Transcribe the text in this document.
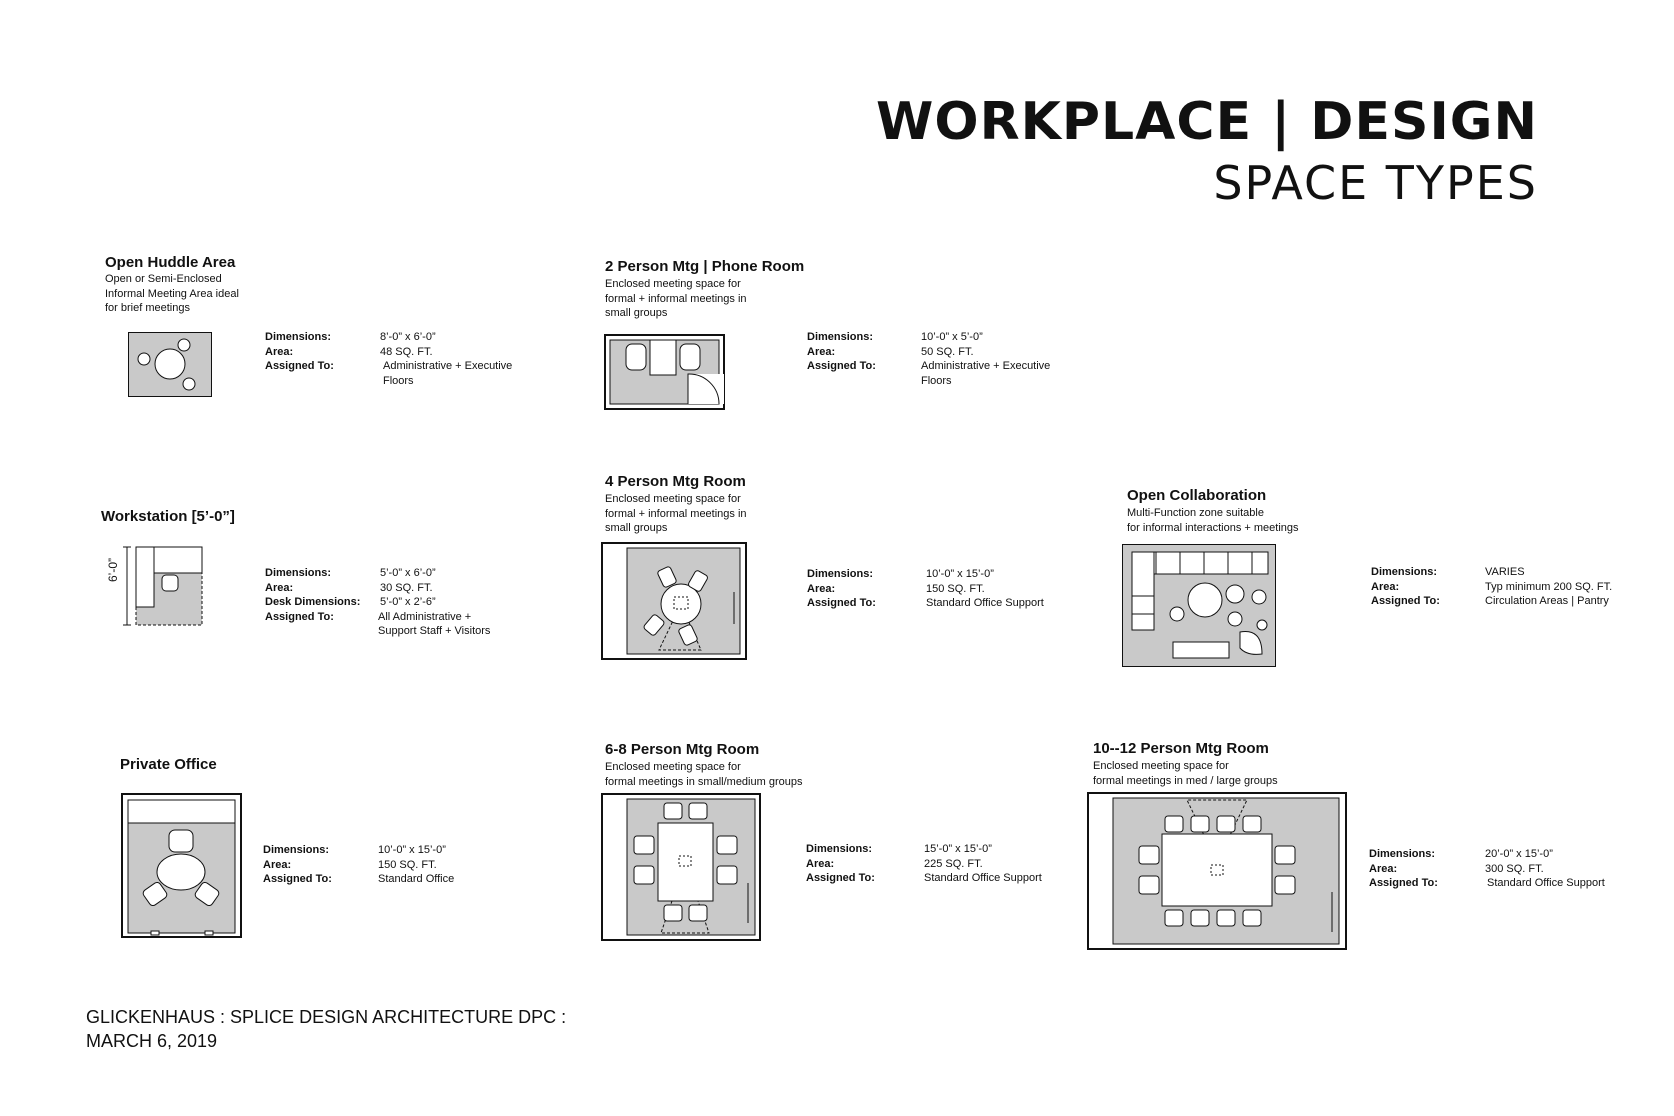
WORKPLACE | DESIGN
SPACE TYPES
Open Huddle Area
Open or Semi-Enclosed
Informal Meeting Area ideal
for brief meetings
Dimensions:	8’-0” x 6’-0”
Area:	48 SQ. FT.
Assigned To:	Administrative + Executive
Floors
2 Person Mtg | Phone Room
Enclosed meeting space for
formal + informal meetings in
small groups
Dimensions:	10’-0” x 5’-0”
Area:	50 SQ. FT.
Assigned To:	Administrative + Executive
Floors
Workstation [5’-0”]
6’-0”	Dimensions:	5’-0” x 6’-0”
Area:	30 SQ. FT.
Desk Dimensions:	5’-0” x 2’-6”
Assigned To:	All Administrative +
Support Staff + Visitors
4 Person Mtg Room
Enclosed meeting space for
formal + informal meetings in
small groups
Dimensions:	10’-0” x 15’-0”
Area:	150 SQ. FT.
Assigned To:	Standard Office Support
Open Collaboration
Multi-Function zone suitable
for informal interactions + meetings
Dimensions:	VARIES
Area:	Typ minimum 200 SQ. FT.
Assigned To:	Circulation Areas | Pantry
Private Office
Dimensions:	10’-0” x 15’-0”
Area:	150 SQ. FT.
Assigned To:	Standard Office
6-8 Person Mtg Room
Enclosed meeting space for
formal meetings in small/medium groups
Dimensions:	15’-0” x 15’-0”
Area:	225 SQ. FT.
Assigned To:	Standard Office Support
10--12 Person Mtg Room
Enclosed meeting space for
formal meetings in med / large groups
Dimensions:	20’-0” x 15’-0”
Area:	300 SQ. FT.
Assigned To:	Standard Office Support
GLICKENHAUS : SPLICE DESIGN ARCHITECTURE DPC :
MARCH 6, 2019
